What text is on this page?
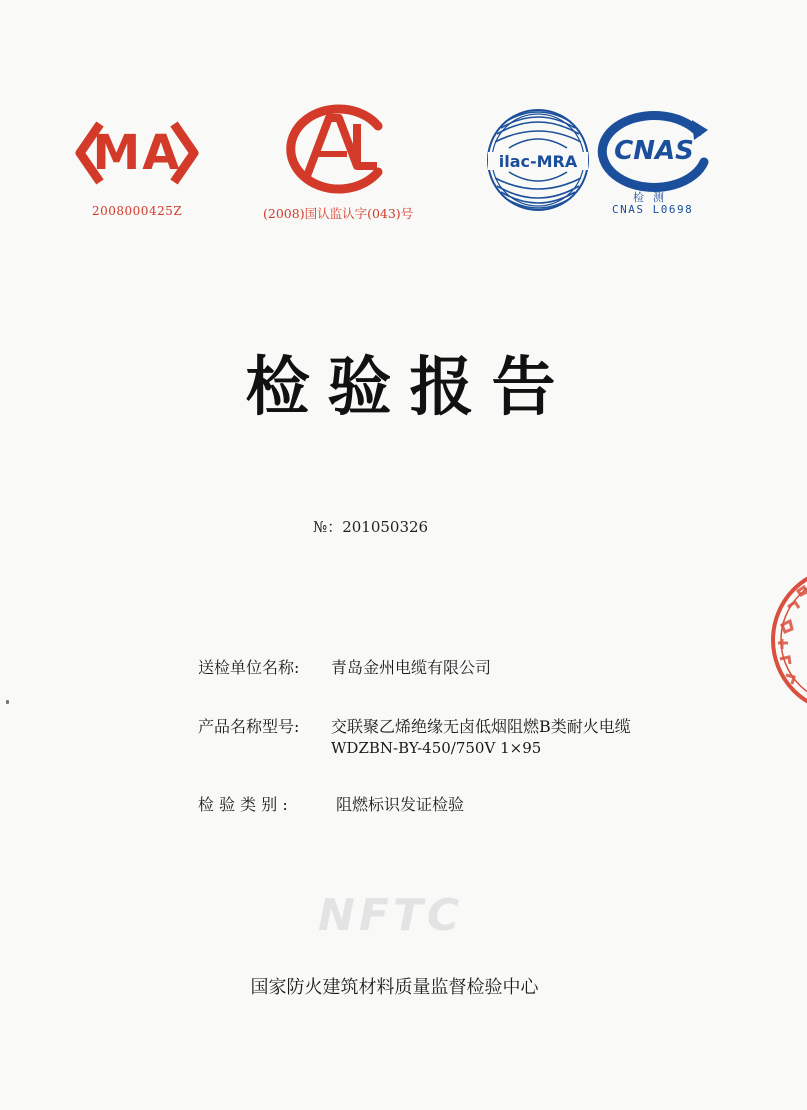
MA
2008000425Z	(2008)国认监认字(043)号
ilac-MRA CNAS
检测
CNAS L0698
检验报告
№：201050326
送检单位名称: 青岛金州电缆有限公司
产品名称型号: 交联聚乙烯绝缘无卤低烟阻燃B类耐火电缆
WDZBN-BY-450/750V 1×95
检 验 类 别 :	阻燃标识发证检验
NFTC
国家防火建筑材料质量监督检验中心
